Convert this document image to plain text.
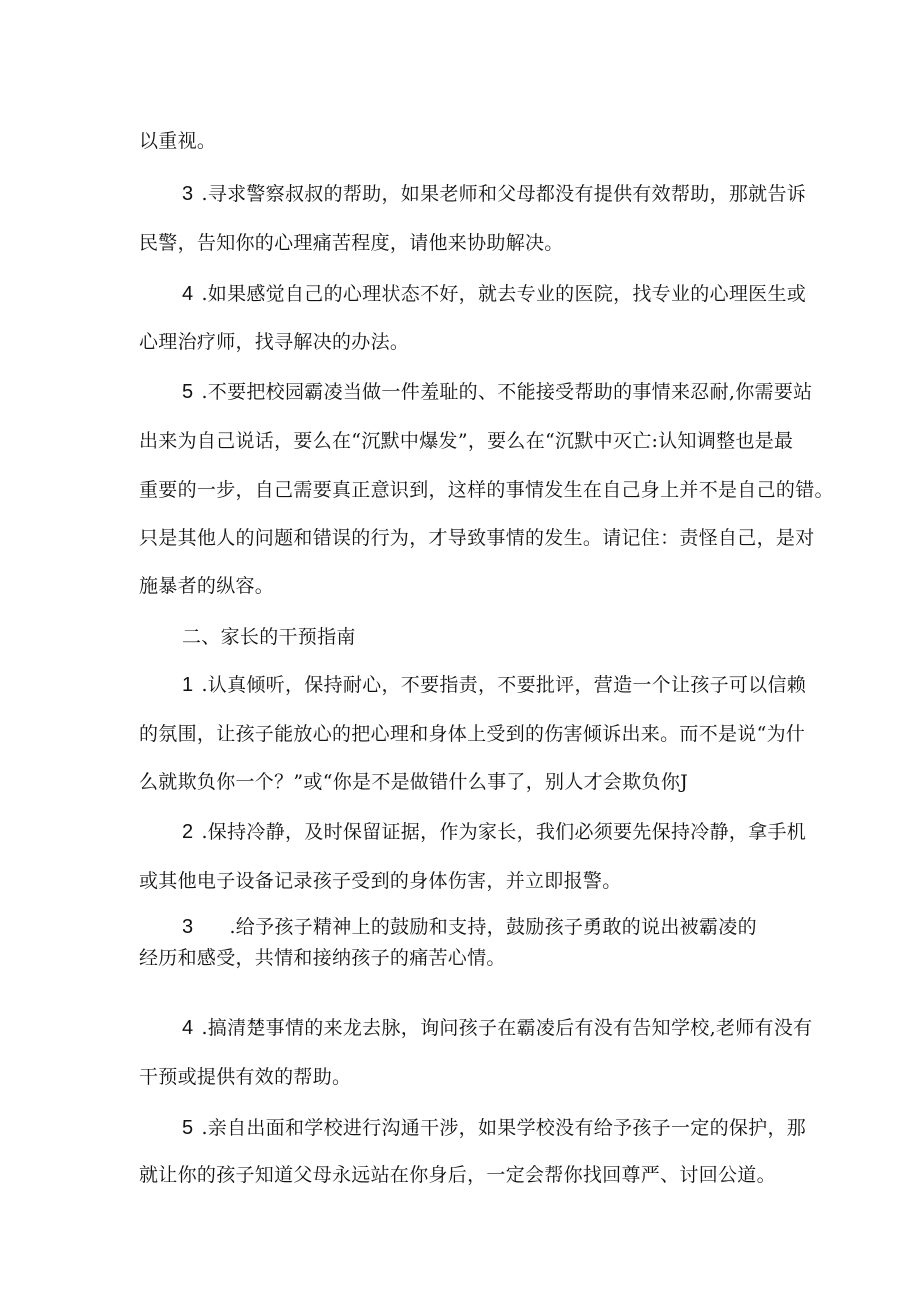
以重视。
3 .寻求警察叔叔的帮助，如果老师和父母都没有提供有效帮助，那就告诉
民警，告知你的心理痛苦程度，请他来协助解决。
4 .如果感觉自己的心理状态不好，就去专业的医院，找专业的心理医生或
心理治疗师，找寻解决的办法。
5 .不要把校园霸凌当做一件羞耻的、不能接受帮助的事情来忍耐,你需要站
出来为自己说话，要么在“沉默中爆发”，要么在“沉默中灭亡:认知调整也是最
重要的一步，自己需要真正意识到，这样的事情发生在自己身上并不是自己的错。
只是其他人的问题和错误的行为，才导致事情的发生。请记住：责怪自己，是对
施暴者的纵容。
二、家长的干预指南
1 .认真倾听，保持耐心，不要指责，不要批评，营造一个让孩子可以信赖
的氛围，让孩子能放心的把心理和身体上受到的伤害倾诉出来。而不是说“为什
么就欺负你一个？”或“你是不是做错什么事了，别人才会欺负你J
2 .保持冷静，及时保留证据，作为家长，我们必须要先保持冷静，拿手机
或其他电子设备记录孩子受到的身体伤害，并立即报警。
3 .给予孩子精神上的鼓励和支持，鼓励孩子勇敢的说出被霸凌的
经历和感受，共情和接纳孩子的痛苦心情。
4 .搞清楚事情的来龙去脉，询问孩子在霸凌后有没有告知学校,老师有没有
干预或提供有效的帮助。
5 .亲自出面和学校进行沟通干涉，如果学校没有给予孩子一定的保护，那
就让你的孩子知道父母永远站在你身后，一定会帮你找回尊严、讨回公道。
